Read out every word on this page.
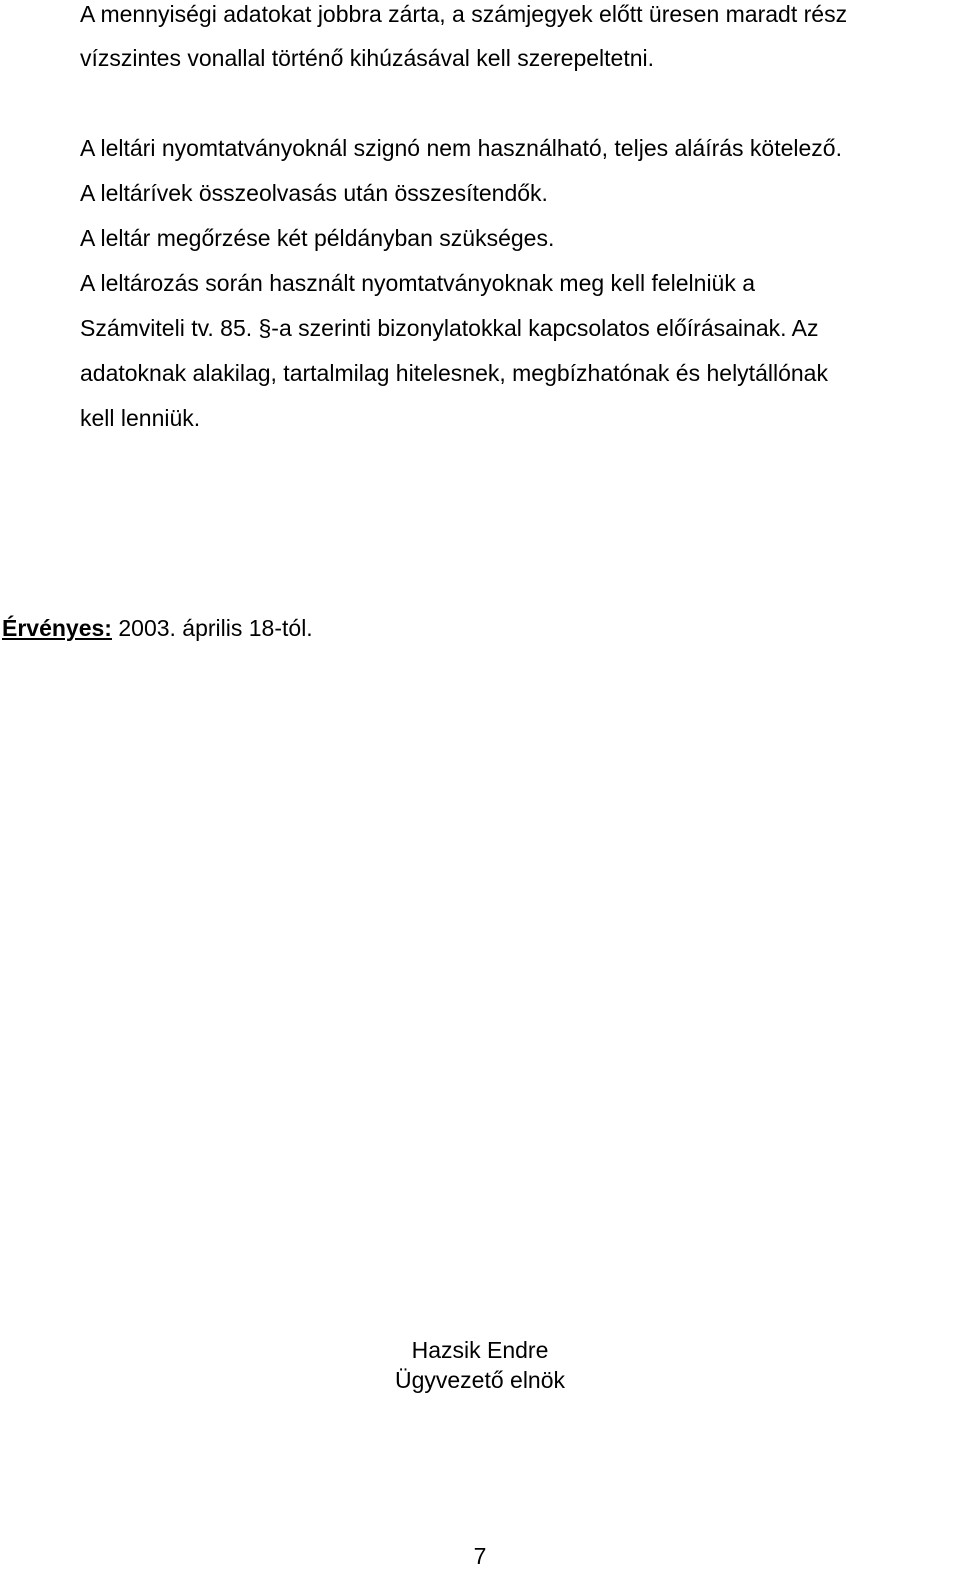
A mennyiségi adatokat jobbra zárta, a számjegyek előtt üresen maradt rész
vízszintes vonallal történő kihúzásával kell szerepeltetni.
A leltári nyomtatványoknál szignó nem használható, teljes aláírás kötelező.
A leltárívek összeolvasás után összesítendők.
A leltár megőrzése két példányban szükséges.
A leltározás során használt nyomtatványoknak meg kell felelniük a
Számviteli tv. 85. §-a szerinti bizonylatokkal kapcsolatos előírásainak. Az
adatoknak alakilag, tartalmilag hitelesnek, megbízhatónak és helytállónak
kell lenniük.
Érvényes: 2003. április 18-tól.
Hazsik Endre
Ügyvezető elnök
7
